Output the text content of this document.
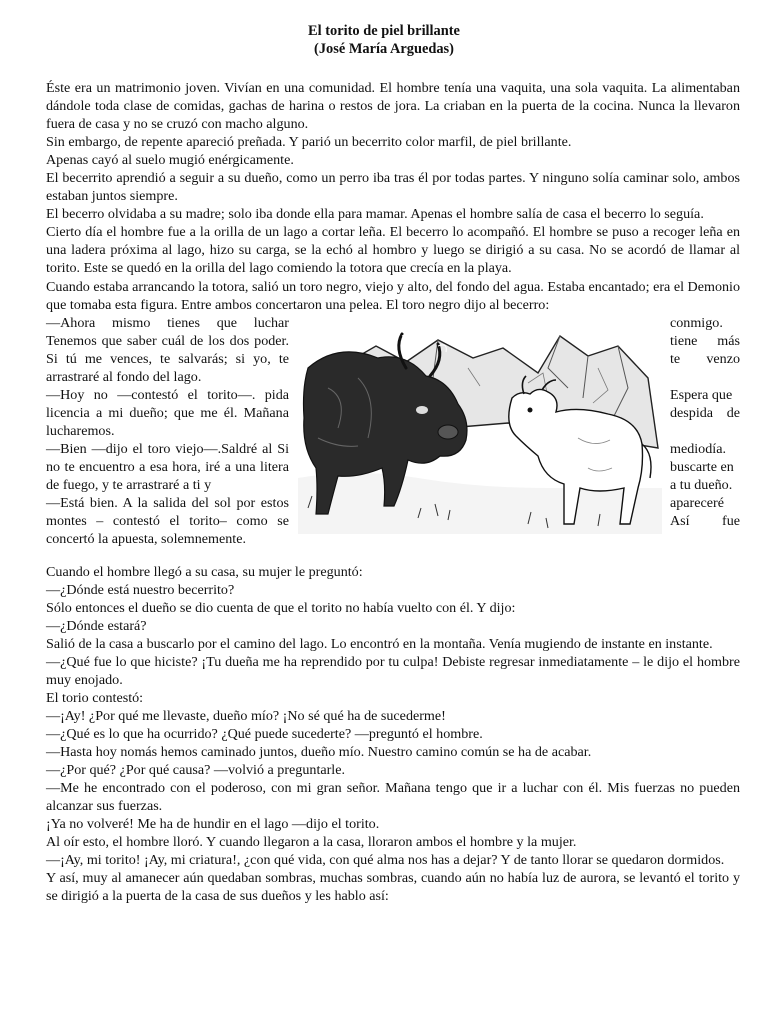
El torito de piel brillante
(José María Arguedas)

Éste era un matrimonio joven. Vivían en una comunidad. El hombre tenía una vaquita, una sola vaquita. La alimentaban dándole toda clase de comidas, gachas de harina o restos de jora. La criaban en la puerta de la cocina. Nunca la llevaron fuera de casa y no se cruzó con macho alguno.

Sin embargo, de repente apareció preñada. Y parió un becerrito color marfil, de piel brillante.

Apenas cayó al suelo mugió enérgicamente.

El becerrito aprendió a seguir a su dueño, como un perro iba tras él por todas partes. Y ninguno solía caminar solo, ambos estaban juntos siempre.

El becerro olvidaba a su madre; solo iba donde ella para mamar. Apenas el hombre salía de casa el becerro lo seguía.

Cierto día el hombre fue a la orilla de un lago a cortar leña. El becerro lo acompañó. El hombre se puso a recoger leña en una ladera próxima al lago, hizo su carga, se la echó al hombro y luego se dirigió a su casa. No se acordó de llamar al torito. Este se quedó en la orilla del lago comiendo la totora que crecía en la playa.

Cuando estaba arrancando la totora, salió un toro negro, viejo y alto, del fondo del agua. Estaba encantado; era el Demonio que tomaba esta figura. Entre ambos concertaron una pelea. El toro negro dijo al becerro:

—Ahora mismo tienes que luchar Tenemos que saber cuál de los dos poder. Si tú me vences, te salvarás; si yo, te arrastraré al fondo del lago.

—Hoy no —contestó el torito—. pida licencia a mi dueño; que me él. Mañana lucharemos.

—Bien —dijo el toro viejo—.Saldré al Si no te encuentro a esa hora, iré a una litera de fuego, y te arrastraré a ti y

—Está bien. A la salida del sol por estos montes – contestó el torito– como se concertó la apuesta, solemnemente.

conmigo.
tiene más
te venzo
Espera que
despida de
mediodía.
buscarte en
a tu dueño.
apareceré
Así fue

Cuando el hombre llegó a su casa, su mujer le preguntó:

—¿Dónde está nuestro becerrito?

Sólo entonces el dueño se dio cuenta de que el torito no había vuelto con él. Y dijo:

—¿Dónde estará?

Salió de la casa a buscarlo por el camino del lago. Lo encontró en la montaña. Venía mugiendo de instante en instante.

—¿Qué fue lo que hiciste? ¡Tu dueña me ha reprendido por tu culpa! Debiste regresar inmediatamente – le dijo el hombre muy enojado.

El torio contestó:

—¡Ay! ¿Por qué me llevaste, dueño mío? ¡No sé qué ha de sucederme!

—¿Qué es lo que ha ocurrido? ¿Qué puede sucederte? —preguntó el hombre.

—Hasta hoy nomás hemos caminado juntos, dueño mío. Nuestro camino común se ha de acabar.

—¿Por qué? ¿Por qué causa? —volvió a preguntarle.

—Me he encontrado con el poderoso, con mi gran señor. Mañana tengo que ir a luchar con él. Mis fuerzas no pueden alcanzar sus fuerzas.

¡Ya no volveré! Me ha de hundir en el lago —dijo el torito.

Al oír esto, el hombre lloró. Y cuando llegaron a la casa, lloraron ambos el hombre y la mujer.

—¡Ay, mi torito! ¡Ay, mi criatura!, ¿con qué vida, con qué alma nos has a dejar? Y de tanto llorar se quedaron dormidos.

Y así, muy al amanecer aún quedaban sombras, muchas sombras, cuando aún no había luz de aurora, se levantó el torito y se dirigió a la puerta de la casa de sus dueños y les hablo así:
